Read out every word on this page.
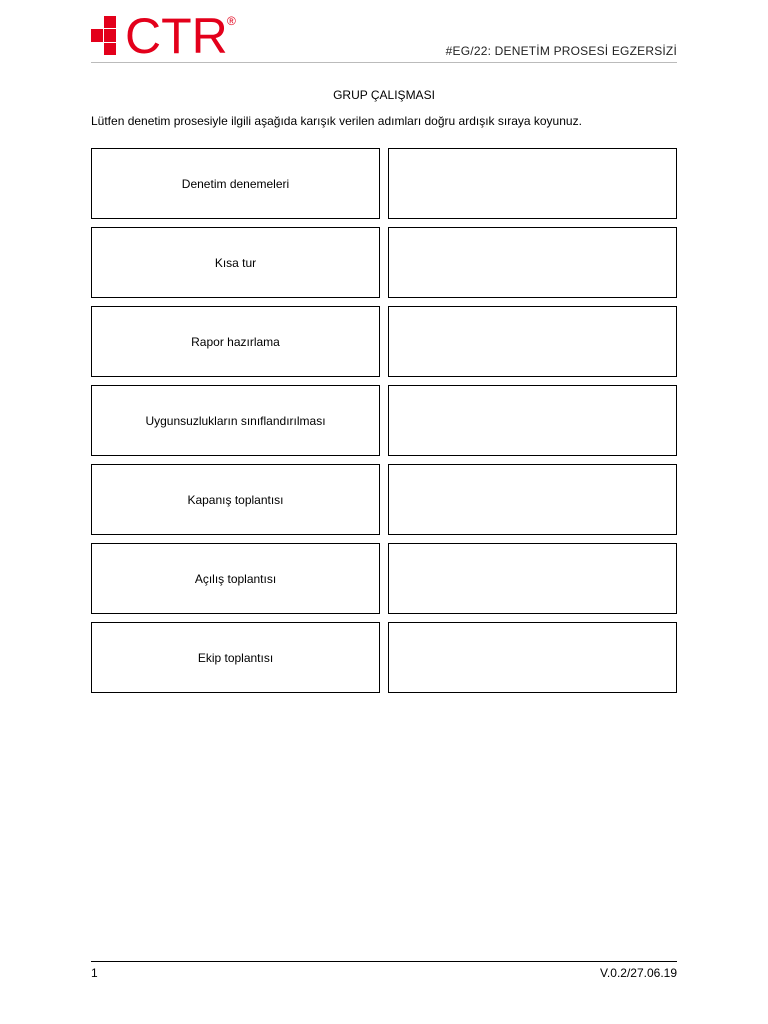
CTR ®
#EG/22: DENETİM PROSESİ EGZERSİZİ
GRUP ÇALIŞMASI
Lütfen denetim prosesiyle ilgili aşağıda karışık verilen adımları doğru ardışık sıraya koyunuz.
Denetim denemeleri
Kısa tur
Rapor hazırlama
Uygunsuzlukların sınıflandırılması
Kapanış toplantısı
Açılış toplantısı
Ekip toplantısı
1	V.0.2/27.06.19
